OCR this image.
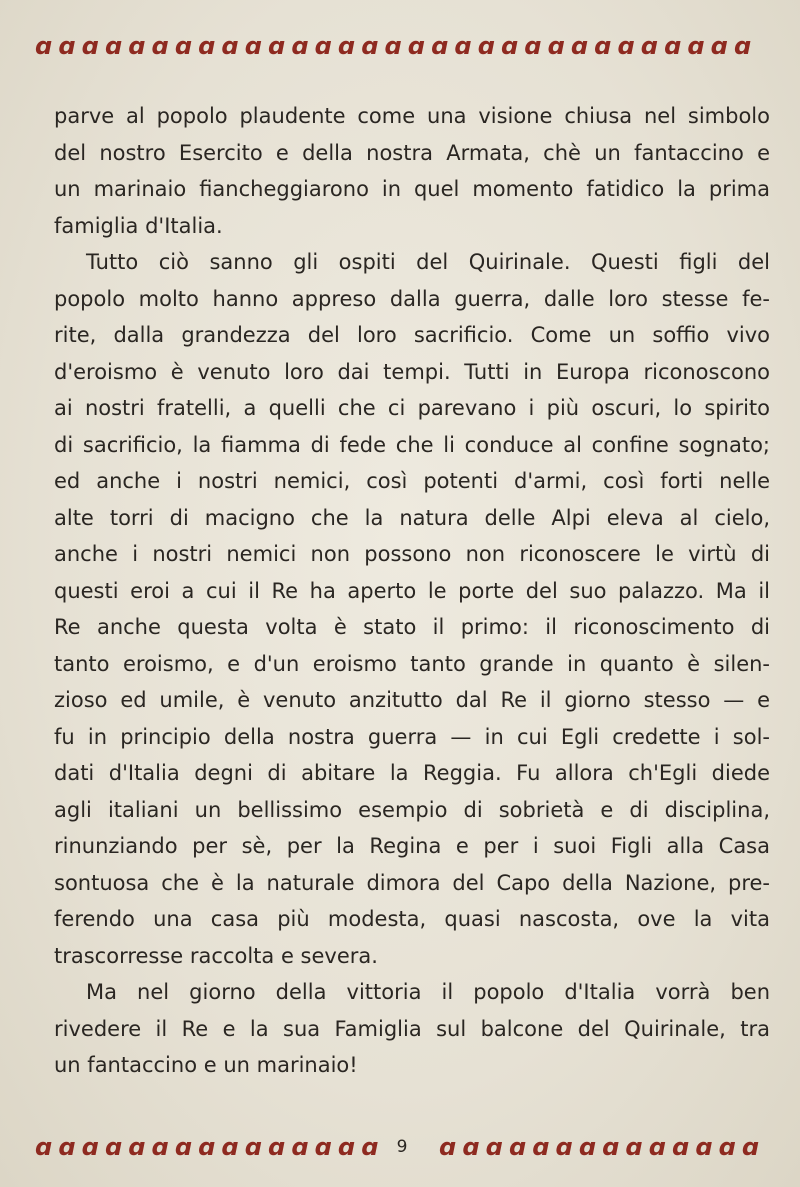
ɑ ɑ ɑ ɑ ɑ ɑ ɑ ɑ ɑ ɑ ɑ ɑ ɑ ɑ ɑ ɑ ɑ ɑ ɑ ɑ ɑ ɑ ɑ ɑ ɑ ɑ ɑ ɑ ɑ ɑ ɑ
parve al popolo plaudente come una visione chiusa nel simbolo
del nostro Esercito e della nostra Armata, chè un fantaccino e
un marinaio fiancheggiarono in quel momento fatidico la prima
famiglia d'Italia.
Tutto ciò sanno gli ospiti del Quirinale. Questi figli del
popolo molto hanno appreso dalla guerra, dalle loro stesse fe-
rite, dalla grandezza del loro sacrificio. Come un soffio vivo
d'eroismo è venuto loro dai tempi. Tutti in Europa riconoscono
ai nostri fratelli, a quelli che ci parevano i più oscuri, lo spirito
di sacrificio, la fiamma di fede che li conduce al confine sognato;
ed anche i nostri nemici, così potenti d'armi, così forti nelle
alte torri di macigno che la natura delle Alpi eleva al cielo,
anche i nostri nemici non possono non riconoscere le virtù di
questi eroi a cui il Re ha aperto le porte del suo palazzo. Ma il
Re anche questa volta è stato il primo: il riconoscimento di
tanto eroismo, e d'un eroismo tanto grande in quanto è silen-
zioso ed umile, è venuto anzitutto dal Re il giorno stesso — e
fu in principio della nostra guerra — in cui Egli credette i sol-
dati d'Italia degni di abitare la Reggia. Fu allora ch'Egli diede
agli italiani un bellissimo esempio di sobrietà e di disciplina,
rinunziando per sè, per la Regina e per i suoi Figli alla Casa
sontuosa che è la naturale dimora del Capo della Nazione, pre-
ferendo una casa più modesta, quasi nascosta, ove la vita
trascorresse raccolta e severa.
Ma nel giorno della vittoria il popolo d'Italia vorrà ben
rivedere il Re e la sua Famiglia sul balcone del Quirinale, tra
un fantaccino e un marinaio!
ɑ ɑ ɑ ɑ ɑ ɑ ɑ ɑ ɑ ɑ ɑ ɑ ɑ ɑ ɑ	9	ɑ ɑ ɑ ɑ ɑ ɑ ɑ ɑ ɑ ɑ ɑ ɑ ɑ ɑ
